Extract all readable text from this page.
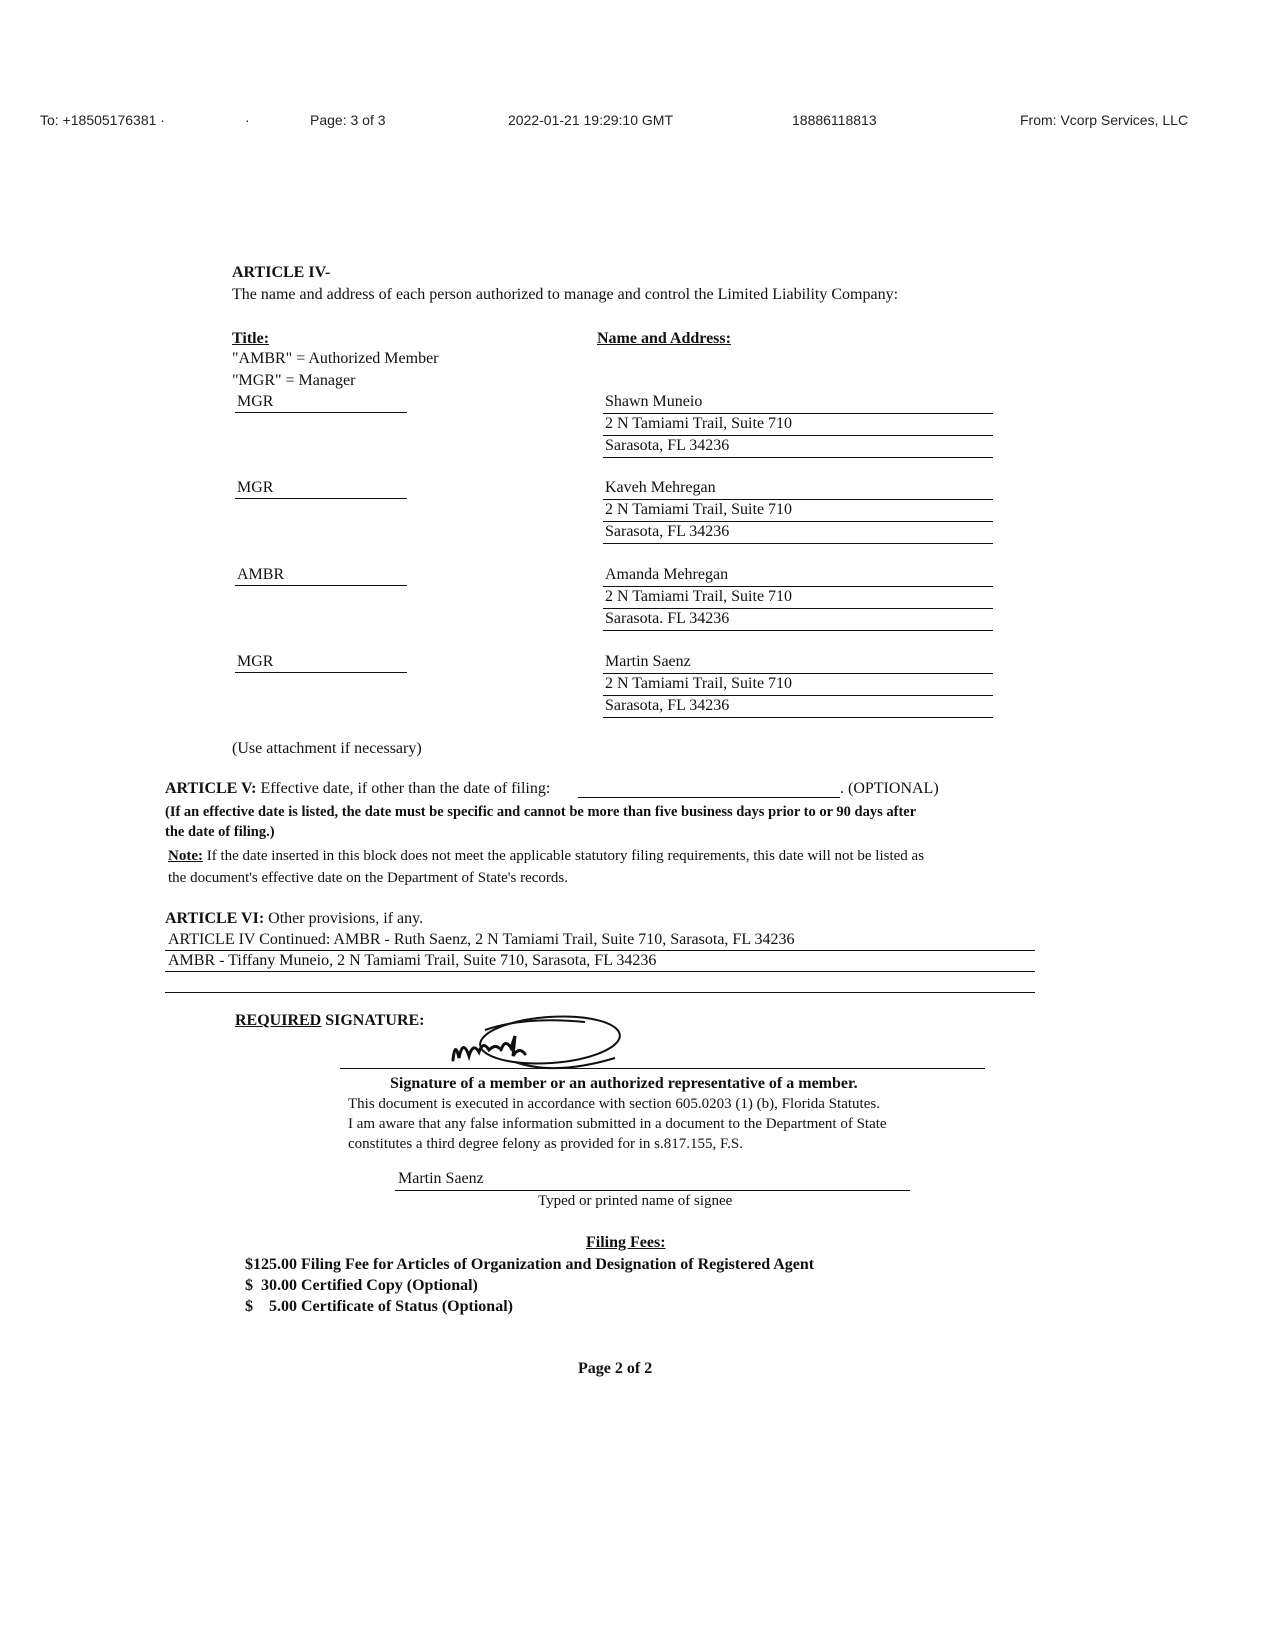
To: +18505176381 ·	·	Page: 3 of 3	2022-01-21 19:29:10 GMT	18886118813	From: Vcorp Services, LLC
ARTICLE IV-
The name and address of each person authorized to manage and control the Limited Liability Company:
Title:
"AMBR" = Authorized Member
"MGR" = Manager
Name and Address:
MGR	Shawn Muneio
2 N Tamiami Trail, Suite 710
Sarasota, FL 34236
MGR	Kaveh Mehregan
2 N Tamiami Trail, Suite 710
Sarasota, FL 34236
AMBR	Amanda Mehregan
2 N Tamiami Trail, Suite 710
Sarasota. FL 34236
MGR	Martin Saenz
2 N Tamiami Trail, Suite 710
Sarasota, FL 34236
(Use attachment if necessary)
ARTICLE V: Effective date, if other than the date of filing:	. (OPTIONAL)
(If an effective date is listed, the date must be specific and cannot be more than five business days prior to or 90 days after
the date of filing.)
Note: If the date inserted in this block does not meet the applicable statutory filing requirements, this date will not be listed as
the document's effective date on the Department of State's records.
ARTICLE VI: Other provisions, if any.
ARTICLE IV Continued: AMBR - Ruth Saenz, 2 N Tamiami Trail, Suite 710, Sarasota, FL 34236
AMBR - Tiffany Muneio, 2 N Tamiami Trail, Suite 710, Sarasota, FL 34236
REQUIRED SIGNATURE:
Signature of a member or an authorized representative of a member.
This document is executed in accordance with section 605.0203 (1) (b), Florida Statutes.
I am aware that any false information submitted in a document to the Department of State
constitutes a third degree felony as provided for in s.817.155, F.S.
Martin Saenz
Typed or printed name of signee
Filing Fees:
$125.00 Filing Fee for Articles of Organization and Designation of Registered Agent
$  30.00 Certified Copy (Optional)
$    5.00 Certificate of Status (Optional)
Page 2 of 2
